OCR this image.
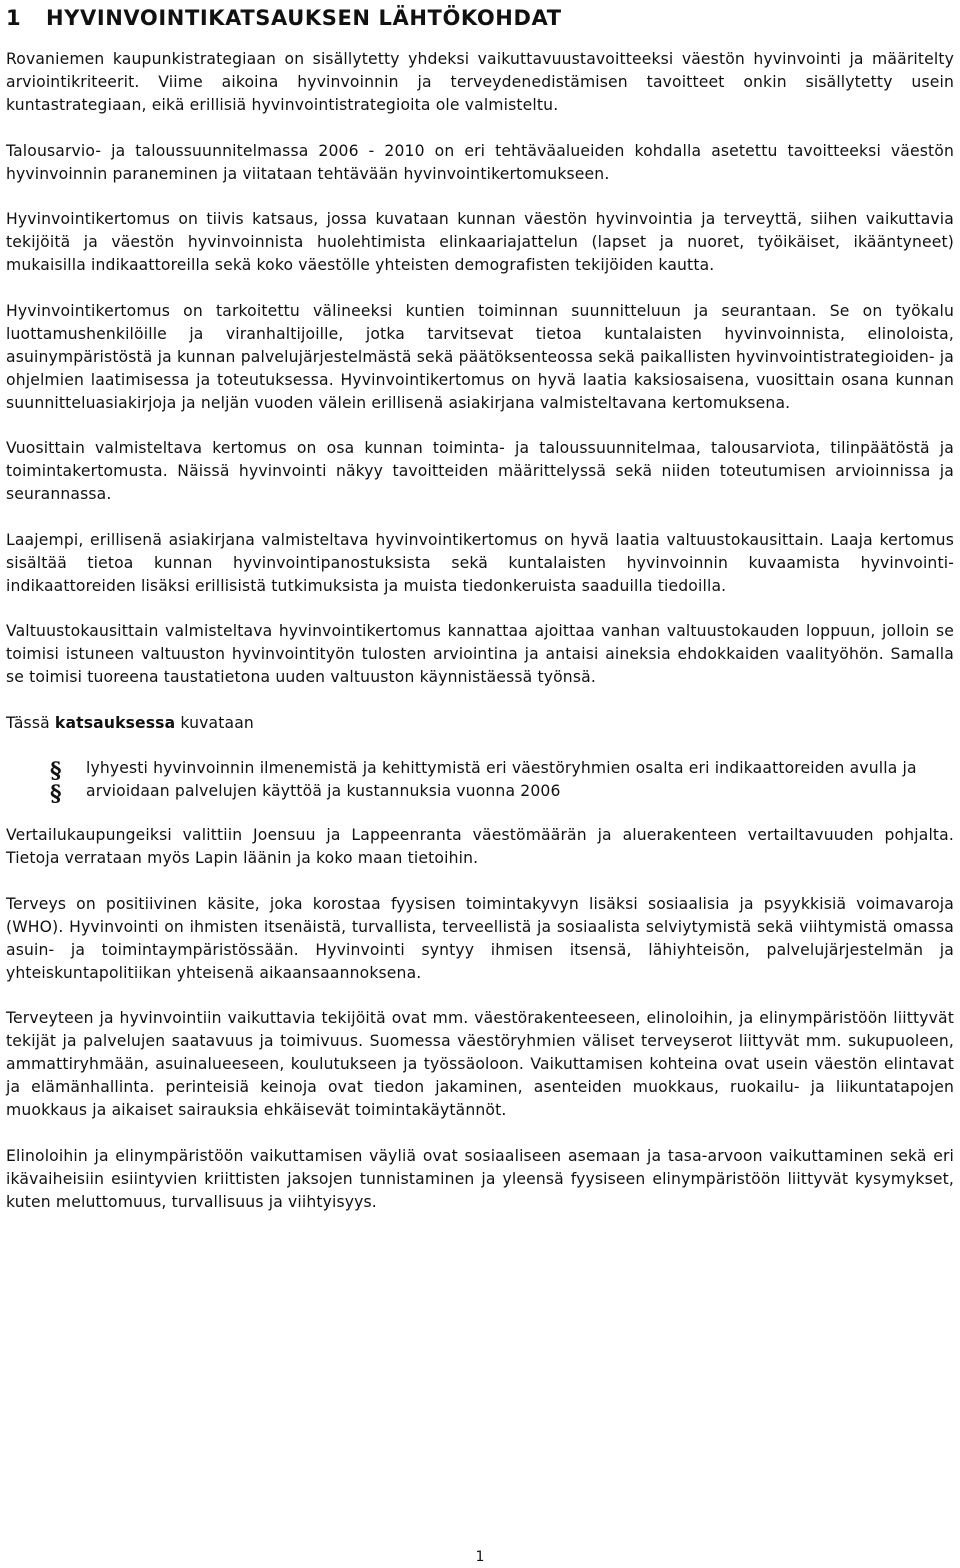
1 HYVINVOINTIKATSAUKSEN LÄHTÖKOHDAT

Rovaniemen kaupunkistrategiaan on sisällytetty yhdeksi vaikuttavuustavoitteeksi väestön hyvinvointi ja määritelty arviointikriteerit. Viime aikoina hyvinvoinnin ja terveydenedistämisen tavoitteet onkin sisällytetty usein kuntastrategiaan, eikä erillisiä hyvinvointistrategioita ole valmisteltu.

Talousarvio- ja taloussuunnitelmassa 2006 - 2010 on eri tehtäväalueiden kohdalla asetettu tavoitteeksi väestön hyvinvoinnin paraneminen ja viitataan tehtävään hyvinvointikertomukseen.

Hyvinvointikertomus on tiivis katsaus, jossa kuvataan kunnan väestön hyvinvointia ja terveyttä, siihen vaikuttavia tekijöitä ja väestön hyvinvoinnista huolehtimista elinkaariajattelun (lapset ja nuoret, työikäiset, ikääntyneet) mukaisilla indikaattoreilla sekä koko väestölle yhteisten demografisten tekijöiden kautta.

Hyvinvointikertomus on tarkoitettu välineeksi kuntien toiminnan suunnitteluun ja seurantaan. Se on työkalu luottamushenkilöille ja viranhaltijoille, jotka tarvitsevat tietoa kuntalaisten hyvinvoinnista, elinoloista, asuinympäristöstä ja kunnan palvelujärjestelmästä sekä päätöksenteossa sekä paikallisten hyvinvointistrategioiden- ja ohjelmien laatimisessa ja toteutuksessa. Hyvinvointikertomus on hyvä laatia kaksiosaisena, vuosittain osana kunnan suunnitteluasiakirjoja ja neljän vuoden välein erillisenä asiakirjana valmisteltavana kertomuksena.

Vuosittain valmisteltava kertomus on osa kunnan toiminta- ja taloussuunnitelmaa, talousarviota, tilinpäätöstä ja toimintakertomusta. Näissä hyvinvointi näkyy tavoitteiden määrittelyssä sekä niiden toteutumisen arvioinnissa ja seurannassa.

Laajempi, erillisenä asiakirjana valmisteltava hyvinvointikertomus on hyvä laatia valtuustokausittain. Laaja kertomus sisältää tietoa kunnan hyvinvointipanostuksista sekä kuntalaisten hyvinvoinnin kuvaamista hyvinvointi-indikaattoreiden lisäksi erillisistä tutkimuksista ja muista tiedonkeruista saaduilla tiedoilla.

Valtuustokausittain valmisteltava hyvinvointikertomus kannattaa ajoittaa vanhan valtuustokauden loppuun, jolloin se toimisi istuneen valtuuston hyvinvointityön tulosten arviointina ja antaisi aineksia ehdokkaiden vaalityöhön. Samalla se toimisi tuoreena taustatietona uuden valtuuston käynnistäessä työnsä.

Tässä katsauksessa kuvataan

§ lyhyesti hyvinvoinnin ilmenemistä ja kehittymistä eri väestöryhmien osalta eri indikaattoreiden avulla ja
§ arvioidaan palvelujen käyttöä ja kustannuksia vuonna 2006

Vertailukaupungeiksi valittiin Joensuu ja Lappeenranta väestömäärän ja aluerakenteen vertailtavuuden pohjalta. Tietoja verrataan myös Lapin läänin ja koko maan tietoihin.

Terveys on positiivinen käsite, joka korostaa fyysisen toimintakyvyn lisäksi sosiaalisia ja psyykkisiä voimavaroja (WHO). Hyvinvointi on ihmisten itsenäistä, turvallista, terveellistä ja sosiaalista selviytymistä sekä viihtymistä omassa asuin- ja toimintaympäristössään. Hyvinvointi syntyy ihmisen itsensä, lähiyhteisön, palvelujärjestelmän ja yhteiskuntapolitiikan yhteisenä aikaansaannoksena.

Terveyteen ja hyvinvointiin vaikuttavia tekijöitä ovat mm. väestörakenteeseen, elinoloihin, ja elinympäristöön liittyvät tekijät ja palvelujen saatavuus ja toimivuus. Suomessa väestöryhmien väliset terveyserot liittyvät mm. sukupuoleen, ammattiryhmään, asuinalueeseen, koulutukseen ja työssäoloon. Vaikuttamisen kohteina ovat usein väestön elintavat ja elämänhallinta. perinteisiä keinoja ovat tiedon jakaminen, asenteiden muokkaus, ruokailu- ja liikuntatapojen muokkaus ja aikaiset sairauksia ehkäisevät toimintakäytännöt.

Elinoloihin ja elinympäristöön vaikuttamisen väyliä ovat sosiaaliseen asemaan ja tasa-arvoon vaikuttaminen sekä eri ikävaiheisiin esiintyvien kriittisten jaksojen tunnistaminen ja yleensä fyysiseen elinympäristöön liittyvät kysymykset, kuten meluttomuus, turvallisuus ja viihtyisyys.

1
